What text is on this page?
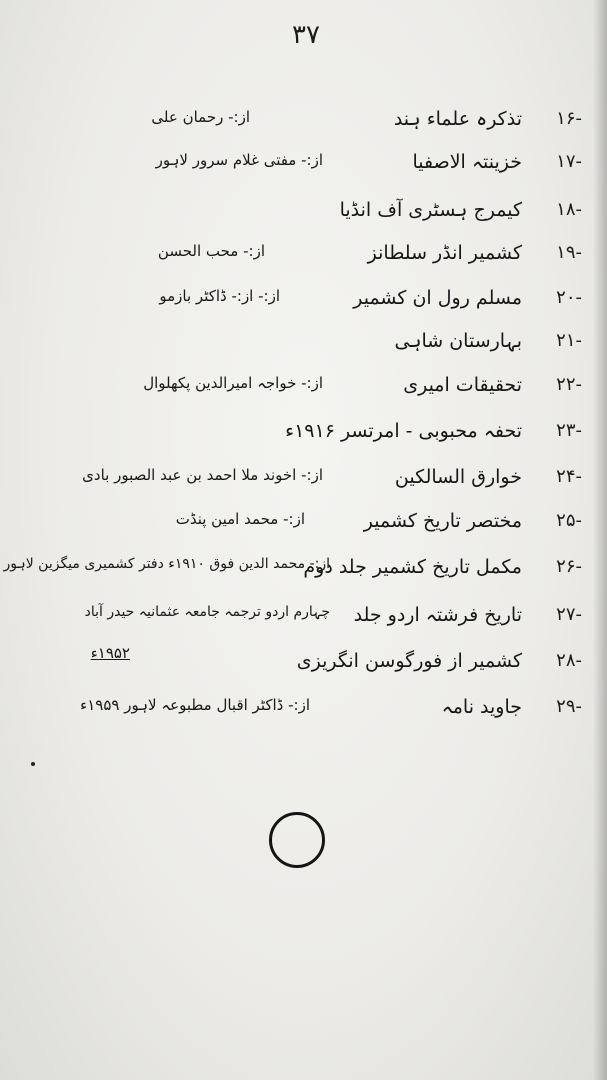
۳۷
-۱۶
تذکرہ علماء ہند
از:- رحمان علی
-۱۷
خزینتہ الاصفیا
از:- مفتی غلام سرور لاہور
-۱۸
کیمرج ہسٹری آف انڈیا
-۱۹
کشمیر انڈر سلطانز
از:- محب الحسن
-۲۰
مسلم رول ان کشمیر
از:- از:- ڈاکٹر بازمو
-۲۱
بہارستان شاہی
-۲۲
تحقیقات امیری
از:- خواجہ امیرالدین پکھلوال
-۲۳
تحفہ محبوبی - امرتسر ۱۹۱۶ء
-۲۴
خوارق السالکین
از:- اخوند ملا احمد بن عبد الصبور بادی
-۲۵
مختصر تاریخ کشمیر
از:- محمد امین پنڈت
-۲۶
مکمل تاریخ کشمیر جلد دوم
از:- محمد الدین فوق ۱۹۱۰ء دفتر کشمیری میگزین لاہور
-۲۷
تاریخ فرشتہ اردو جلد
چہارم اردو ترجمہ جامعہ عثمانیہ حیدر آباد
-۲۸
کشمیر از فورگوسن انگریزی
۱۹۵۲ء
-۲۹
جاوید نامہ
از:- ڈاکٹر اقبال مطبوعہ لاہور ۱۹۵۹ء
